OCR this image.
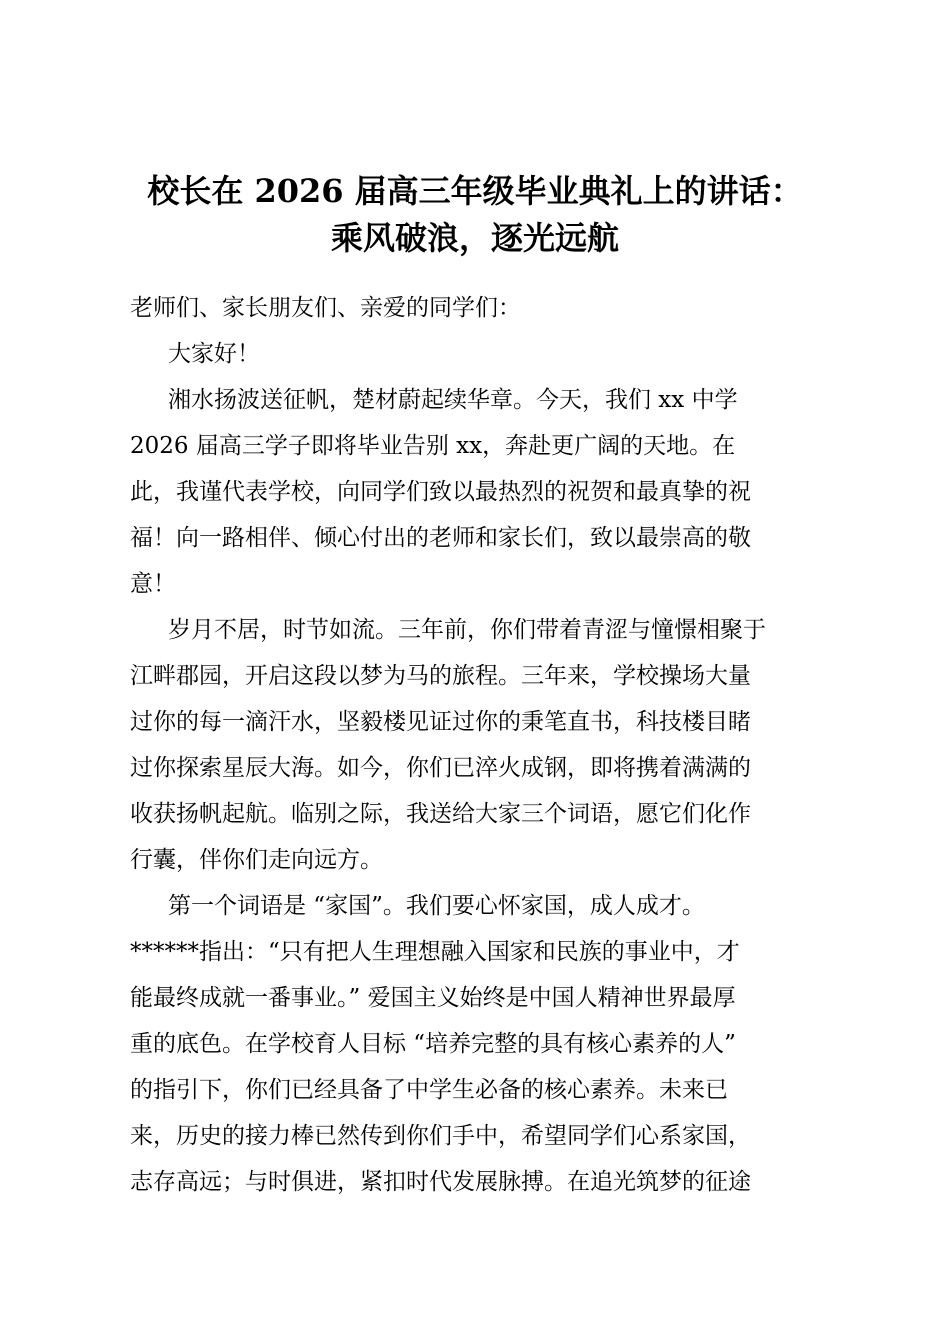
校长在 2026 届高三年级毕业典礼上的讲话：
乘风破浪，逐光远航
老师们、家长朋友们、亲爱的同学们：
大家好！
湘水扬波送征帆，楚材蔚起续华章。今天，我们 xx 中学
2026 届高三学子即将毕业告别 xx，奔赴更广阔的天地。在
此，我谨代表学校，向同学们致以最热烈的祝贺和最真挚的祝
福！向一路相伴、倾心付出的老师和家长们，致以最崇高的敬
意！
岁月不居，时节如流。三年前，你们带着青涩与憧憬相聚于
江畔郡园，开启这段以梦为马的旅程。三年来，学校操场大量
过你的每一滴汗水，坚毅楼见证过你的秉笔直书，科技楼目睹
过你探索星辰大海。如今，你们已淬火成钢，即将携着满满的
收获扬帆起航。临别之际，我送给大家三个词语，愿它们化作
行囊，伴你们走向远方。
第一个词语是 “家国”。我们要心怀家国，成人成才。
******指出：“只有把人生理想融入国家和民族的事业中，才
能最终成就一番事业。” 爱国主义始终是中国人精神世界最厚
重的底色。在学校育人目标 “培养完整的具有核心素养的人”
的指引下，你们已经具备了中学生必备的核心素养。未来已
来，历史的接力棒已然传到你们手中，希望同学们心系家国，
志存高远；与时俱进，紧扣时代发展脉搏。在追光筑梦的征途
